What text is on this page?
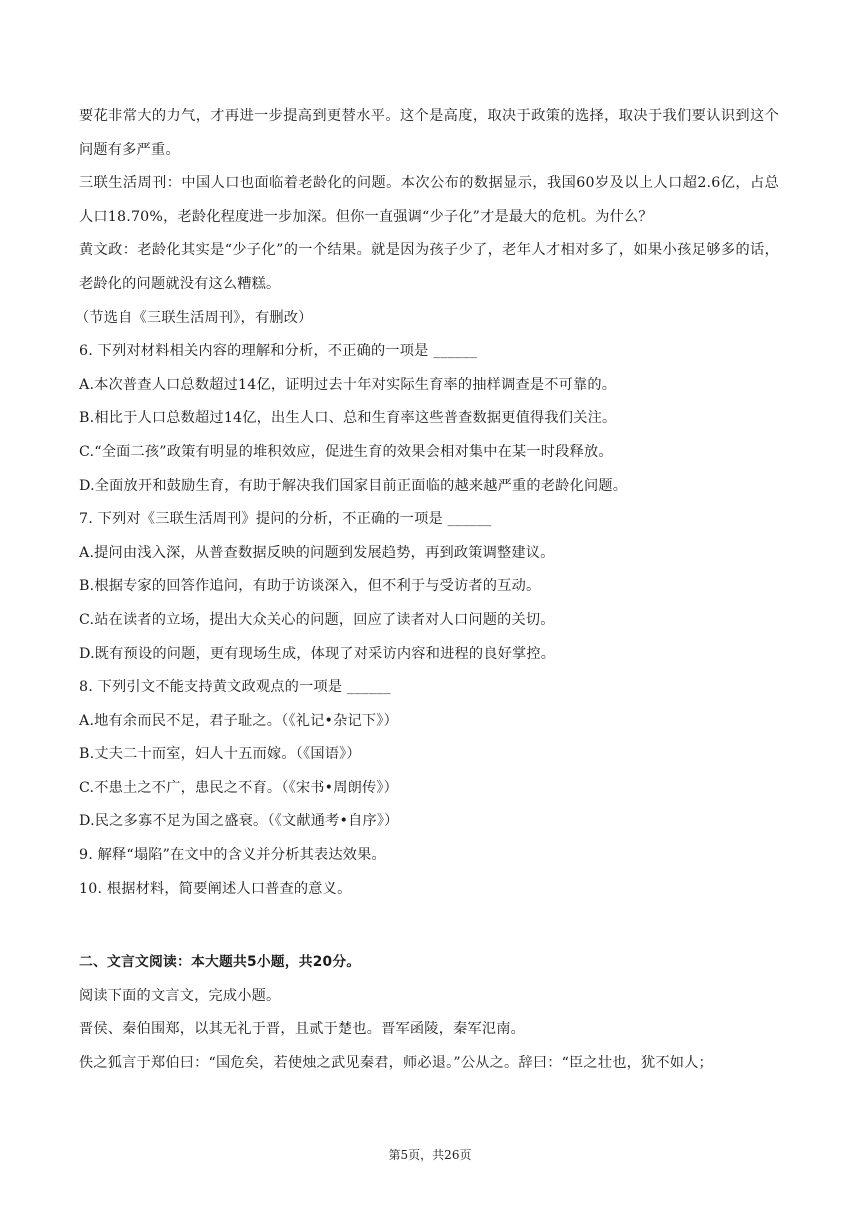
要花非常大的力气，才再进一步提高到更替水平。这个是高度，取决于政策的选择，取决于我们要认识到这个问题有多严重。

三联生活周刊：中国人口也面临着老龄化的问题。本次公布的数据显示，我国60岁及以上人口超2.6亿，占总人口18.70%，老龄化程度进一步加深。但你一直强调“少子化”才是最大的危机。为什么？

黄文政：老龄化其实是“少子化”的一个结果。就是因为孩子少了，老年人才相对多了，如果小孩足够多的话，老龄化的问题就没有这么糟糕。

（节选自《三联生活周刊》，有删改）

6. 下列对材料相关内容的理解和分析，不正确的一项是 ______

A.本次普查人口总数超过14亿，证明过去十年对实际生育率的抽样调查是不可靠的。

B.相比于人口总数超过14亿，出生人口、总和生育率这些普查数据更值得我们关注。

C.“全面二孩”政策有明显的堆积效应，促进生育的效果会相对集中在某一时段释放。

D.全面放开和鼓励生育，有助于解决我们国家目前正面临的越来越严重的老龄化问题。

7. 下列对《三联生活周刊》提问的分析，不正确的一项是 ______

A.提问由浅入深，从普查数据反映的问题到发展趋势，再到政策调整建议。

B.根据专家的回答作追问，有助于访谈深入，但不利于与受访者的互动。

C.站在读者的立场，提出大众关心的问题，回应了读者对人口问题的关切。

D.既有预设的问题，更有现场生成，体现了对采访内容和进程的良好掌控。

8. 下列引文不能支持黄文政观点的一项是 ______

A.地有余而民不足，君子耻之。（《礼记•杂记下》）

B.丈夫二十而室，妇人十五而嫁。（《国语》）

C.不患土之不广，患民之不育。（《宋书•周朗传》）

D.民之多寡不足为国之盛衰。（《文献通考•自序》）

9. 解释“塌陷”在文中的含义并分析其表达效果。

10. 根据材料，简要阐述人口普查的意义。

二、文言文阅读：本大题共5小题，共20分。

阅读下面的文言文，完成小题。

晋 ·侯、秦伯围郑，以其无礼于晋，且贰于楚也。晋军函陵，秦军氾南。

佚之狐言于郑伯曰：“国危矣，若使烛之武见秦君，师必退。”公从之。辞曰：“臣之壮也，犹不如人；

第5页，共26页
